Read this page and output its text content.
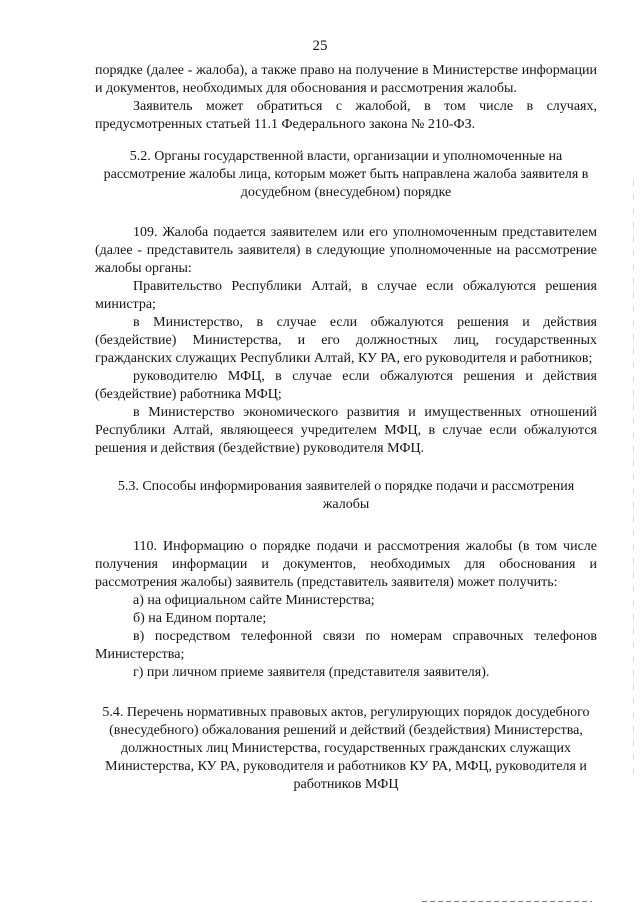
25

порядке (далее - жалоба), а также право на получение в Министерстве информации и документов, необходимых для обоснования и рассмотрения жалобы.

Заявитель может обратиться с жалобой, в том числе в случаях, предусмотренных статьей 11.1 Федерального закона № 210-ФЗ.

5.2. Органы государственной власти, организации и уполномоченные на рассмотрение жалобы лица, которым может быть направлена жалоба заявителя в досудебном (внесудебном) порядке

109. Жалоба подается заявителем или его уполномоченным представителем (далее - представитель заявителя) в следующие уполномоченные на рассмотрение жалобы органы:

Правительство Республики Алтай, в случае если обжалуются решения министра;

в Министерство, в случае если обжалуются решения и действия (бездействие) Министерства, и его должностных лиц, государственных гражданских служащих Республики Алтай, КУ РА, его руководителя и работников;

руководителю МФЦ, в случае если обжалуются решения и действия (бездействие) работника МФЦ;

в Министерство экономического развития и имущественных отношений Республики Алтай, являющееся учредителем МФЦ, в случае если обжалуются решения и действия (бездействие) руководителя МФЦ.

5.3. Способы информирования заявителей о порядке подачи и рассмотрения жалобы

110. Информацию о порядке подачи и рассмотрения жалобы (в том числе получения информации и документов, необходимых для обоснования и рассмотрения жалобы) заявитель (представитель заявителя) может получить:

а) на официальном сайте Министерства;

б) на Едином портале;

в) посредством телефонной связи по номерам справочных телефонов Министерства;

г) при личном приеме заявителя (представителя заявителя).

5.4. Перечень нормативных правовых актов, регулирующих порядок досудебного (внесудебного) обжалования решений и действий (бездействия) Министерства, должностных лиц Министерства, государственных гражданских служащих Министерства, КУ РА, руководителя и работников КУ РА, МФЦ, руководителя и работников МФЦ
